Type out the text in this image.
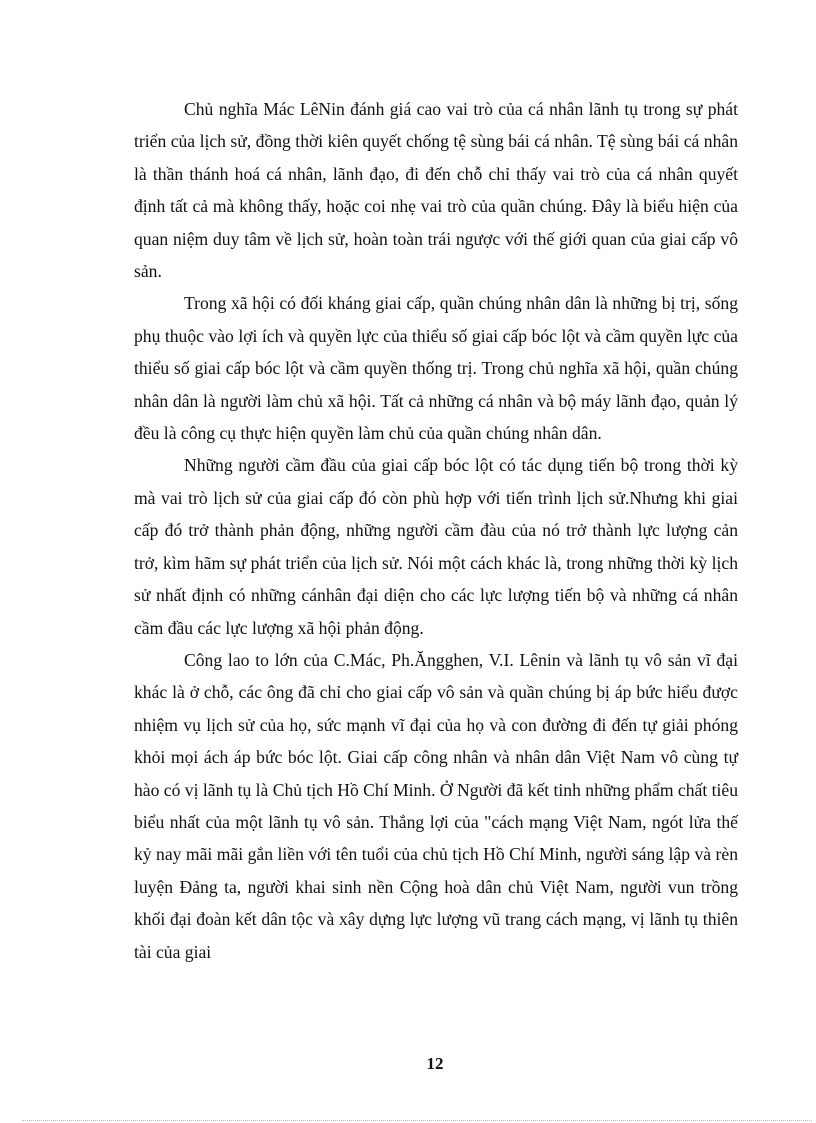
Chủ nghĩa Mác LêNin đánh giá cao vai trò của cá nhân lãnh tụ trong sự phát triển của lịch sử, đồng thời kiên quyết chống tệ sùng bái cá nhân. Tệ sùng bái cá nhân là thần thánh hoá cá nhân, lãnh đạo, đi đến chỗ chỉ thấy vai trò của cá nhân quyết định tất cả mà không thấy, hoặc coi nhẹ vai trò của quần chúng. Đây là biểu hiện của quan niệm duy tâm về lịch sử, hoàn toàn trái ngược với thế giới quan của giai cấp vô sản.

Trong xã hội có đối kháng giai cấp, quần chúng nhân dân là những bị trị, sống phụ thuộc vào lợi ích và quyền lực của thiểu số giai cấp bóc lột và cầm quyền lực của thiểu số giai cấp bóc lột và cầm quyền thống trị. Trong chủ nghĩa xã hội, quần chúng nhân dân là người làm chủ xã hội. Tất cả những cá nhân và bộ máy lãnh đạo, quản lý đều là công cụ thực hiện quyền làm chủ của quần chúng nhân dân.

Những người cầm đầu của giai cấp bóc lột có tác dụng tiến bộ trong thời kỳ mà vai trò lịch sử của giai cấp đó còn phù hợp với tiến trình lịch sử.Nhưng khi giai cấp đó trở thành phản động, những người cầm đàu của nó trở thành lực lượng cản trở, kìm hãm sự phát triển của lịch sử. Nói một cách khác là, trong những thời kỳ lịch sử nhất định có những cánhân đại diện cho các lực lượng tiến bộ và những cá nhân cầm đầu các lực lượng xã hội phản động.

Công lao to lớn của C.Mác, Ph.Ăngghen, V.I. Lênin và lãnh tụ vô sản vĩ đại khác là ở chỗ, các ông đã chỉ cho giai cấp vô sản và quần chúng bị áp bức hiểu được nhiệm vụ lịch sử của họ, sức mạnh vĩ đại của họ và con đường đi đến tự giải phóng khỏi mọi ách áp bức bóc lột. Giai cấp công nhân và nhân dân Việt Nam vô cùng tự hào có vị lãnh tụ là Chủ tịch Hồ Chí Minh. Ở Người đã kết tinh những phẩm chất tiêu biểu nhất của một lãnh tụ vô sản. Thắng lợi của "cách mạng Việt Nam, ngót lửa thế kỷ nay mãi mãi gắn liền với tên tuổi của chủ tịch Hồ Chí Minh, người sáng lập và rèn luyện Đảng ta, người khai sinh nền Cộng hoà dân chủ Việt Nam, người vun trồng khối đại đoàn kết dân tộc và xây dựng lực lượng vũ trang cách mạng, vị lãnh tụ thiên tài của giai

12
